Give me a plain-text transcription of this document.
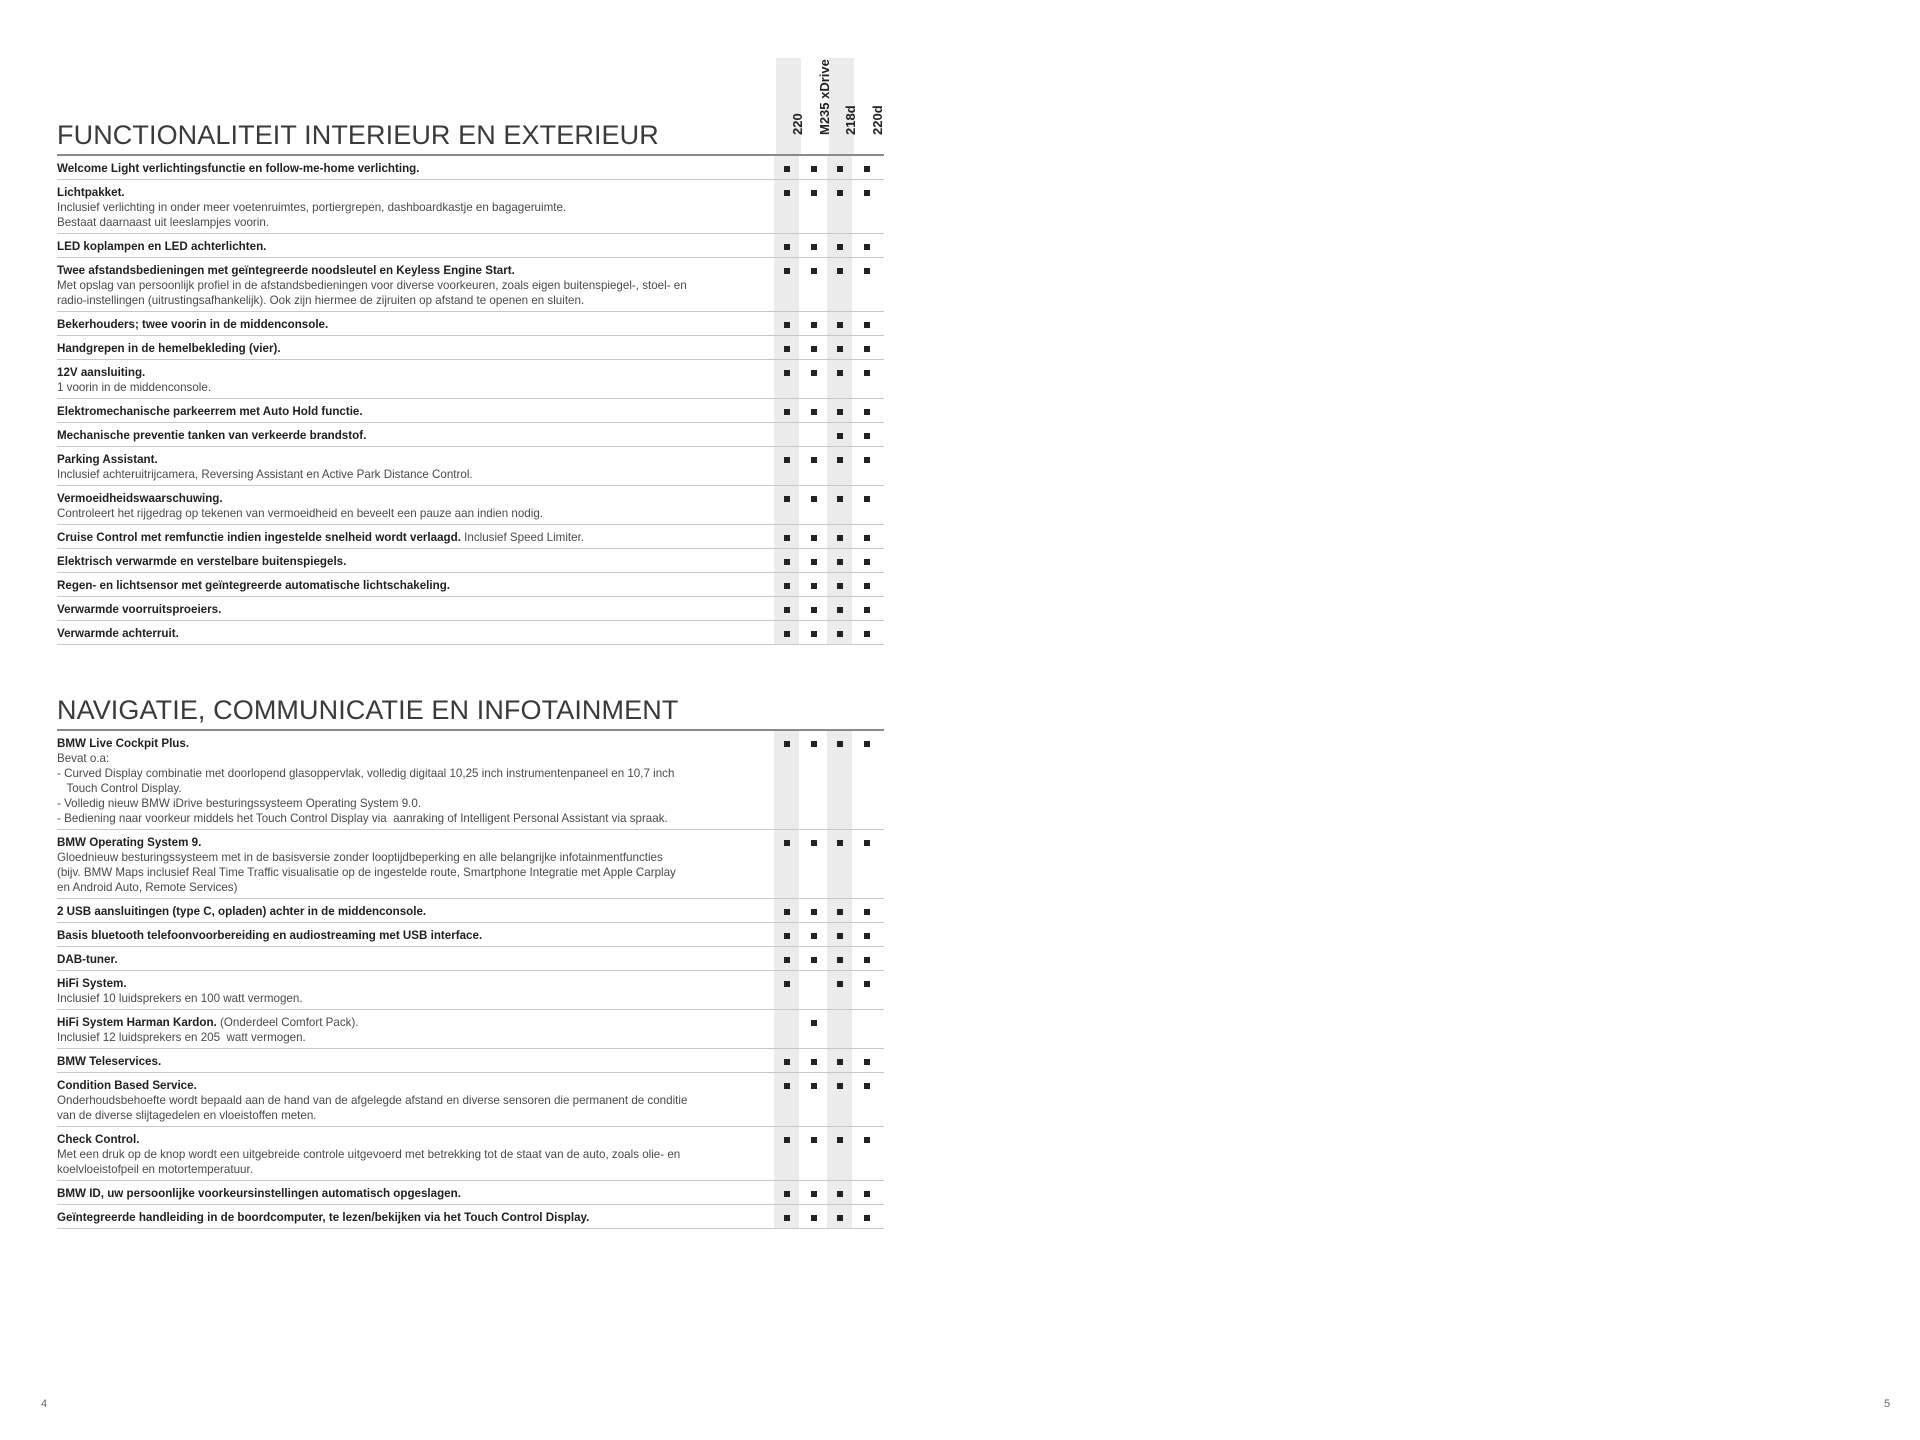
220 M235 xDrive 218d 220d
FUNCTIONALITEIT INTERIEUR EN EXTERIEUR
Welcome Light verlichtingsfunctie en follow-me-home verlichting.
Lichtpakket.
Inclusief verlichting in onder meer voetenruimtes, portiergrepen, dashboardkastje en bagageruimte.
Bestaat daarnaast uit leeslampjes voorin.
LED koplampen en LED achterlichten.
Twee afstandsbedieningen met geïntegreerde noodsleutel en Keyless Engine Start.
Met opslag van persoonlijk profiel in de afstandsbedieningen voor diverse voorkeuren, zoals eigen buitenspiegel-, stoel- en
radio-instellingen (uitrustingsafhankelijk). Ook zijn hiermee de zijruiten op afstand te openen en sluiten.
Bekerhouders; twee voorin in de middenconsole.
Handgrepen in de hemelbekleding (vier).
12V aansluiting.
1 voorin in de middenconsole.
Elektromechanische parkeerrem met Auto Hold functie.
Mechanische preventie tanken van verkeerde brandstof.
Parking Assistant.
Inclusief achteruitrijcamera, Reversing Assistant en Active Park Distance Control.
Vermoeidheidswaarschuwing.
Controleert het rijgedrag op tekenen van vermoeidheid en beveelt een pauze aan indien nodig.
Cruise Control met remfunctie indien ingestelde snelheid wordt verlaagd. Inclusief Speed Limiter.
Elektrisch verwarmde en verstelbare buitenspiegels.
Regen- en lichtsensor met geïntegreerde automatische lichtschakeling.
Verwarmde voorruitsproeiers.
Verwarmde achterruit.
NAVIGATIE, COMMUNICATIE EN INFOTAINMENT
BMW Live Cockpit Plus.
Bevat o.a:
- Curved Display combinatie met doorlopend glasoppervlak, volledig digitaal 10,25 inch instrumentenpaneel en 10,7 inch
Touch Control Display.
- Volledig nieuw BMW iDrive besturingssysteem Operating System 9.0.
- Bediening naar voorkeur middels het Touch Control Display via  aanraking of Intelligent Personal Assistant via spraak.
BMW Operating System 9.
Gloednieuw besturingssysteem met in de basisversie zonder looptijdbeperking en alle belangrijke infotainmentfuncties
(bijv. BMW Maps inclusief Real Time Traffic visualisatie op de ingestelde route, Smartphone Integratie met Apple Carplay
en Android Auto, Remote Services)
2 USB aansluitingen (type C, opladen) achter in de middenconsole.
Basis bluetooth telefoonvoorbereiding en audiostreaming met USB interface.
DAB-tuner.
HiFi System.
Inclusief 10 luidsprekers en 100 watt vermogen.
HiFi System Harman Kardon. (Onderdeel Comfort Pack).
Inclusief 12 luidsprekers en 205  watt vermogen.
BMW Teleservices.
Condition Based Service.
Onderhoudsbehoefte wordt bepaald aan de hand van de afgelegde afstand en diverse sensoren die permanent de conditie
van de diverse slijtagedelen en vloeistoffen meten.
Check Control.
Met een druk op de knop wordt een uitgebreide controle uitgevoerd met betrekking tot de staat van de auto, zoals olie- en
koelvloeistofpeil en motortemperatuur.
BMW ID, uw persoonlijke voorkeursinstellingen automatisch opgeslagen.
Geïntegreerde handleiding in de boordcomputer, te lezen/bekijken via het Touch Control Display.
4	5
